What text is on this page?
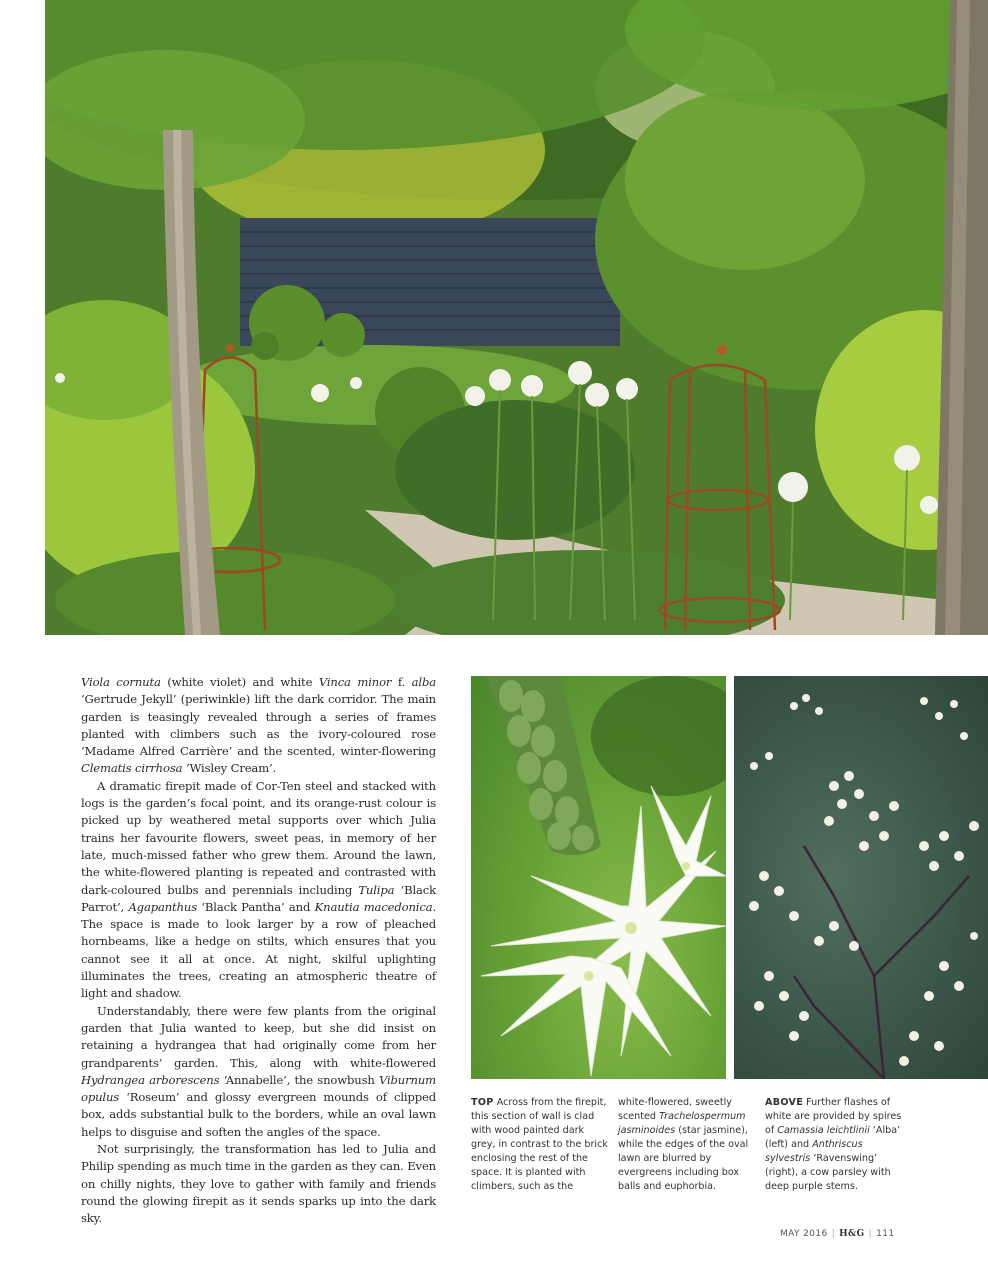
Viola cornuta (white violet) and white Vinca minor f. alba ‘Gertrude Jekyll’ (periwinkle) lift the dark corridor. The main garden is teasingly revealed through a series of frames planted with climbers such as the ivory-coloured rose ‘Madame Alfred Carrière’ and the scented, winter-flowering Clematis cirrhosa ‘Wisley Cream’.

A dramatic firepit made of Cor-Ten steel and stacked with logs is the garden’s focal point, and its orange-rust colour is picked up by weathered metal supports over which Julia trains her favourite flowers, sweet peas, in memory of her late, much-missed father who grew them. Around the lawn, the white-flowered planting is repeated and contrasted with dark-coloured bulbs and perennials including Tulipa ‘Black Parrot’, Agapanthus ‘Black Pantha’ and Knautia macedonica. The space is made to look larger by a row of pleached hornbeams, like a hedge on stilts, which ensures that you cannot see it all at once. At night, skilful uplighting illuminates the trees, creating an atmospheric theatre of light and shadow.

Understandably, there were few plants from the original garden that Julia wanted to keep, but she did insist on retaining a hydrangea that had originally come from her grandparents’ garden. This, along with white-flowered Hydrangea arborescens ‘Annabelle’, the snowbush Viburnum opulus ‘Roseum’ and glossy evergreen mounds of clipped box, adds substantial bulk to the borders, while an oval lawn helps to disguise and soften the angles of the space.

Not surprisingly, the transformation has led to Julia and Philip spending as much time in the garden as they can. Even on chilly nights, they love to gather with family and friends round the glowing firepit as it sends sparks up into the dark sky.

TOP Across from the firepit, this section of wall is clad with wood painted dark grey, in contrast to the brick enclosing the rest of the space. It is planted with climbers, such as the
white-flowered, sweetly scented Trachelospermum jasminoides (star jasmine), while the edges of the oval lawn are blurred by evergreens including box balls and euphorbia.
ABOVE Further flashes of white are provided by spires of Camassia leichtlinii ‘Alba’ (left) and Anthriscus sylvestris ‘Ravenswing’ (right), a cow parsley with deep purple stems.
MAY 2016 | H&G | 111
